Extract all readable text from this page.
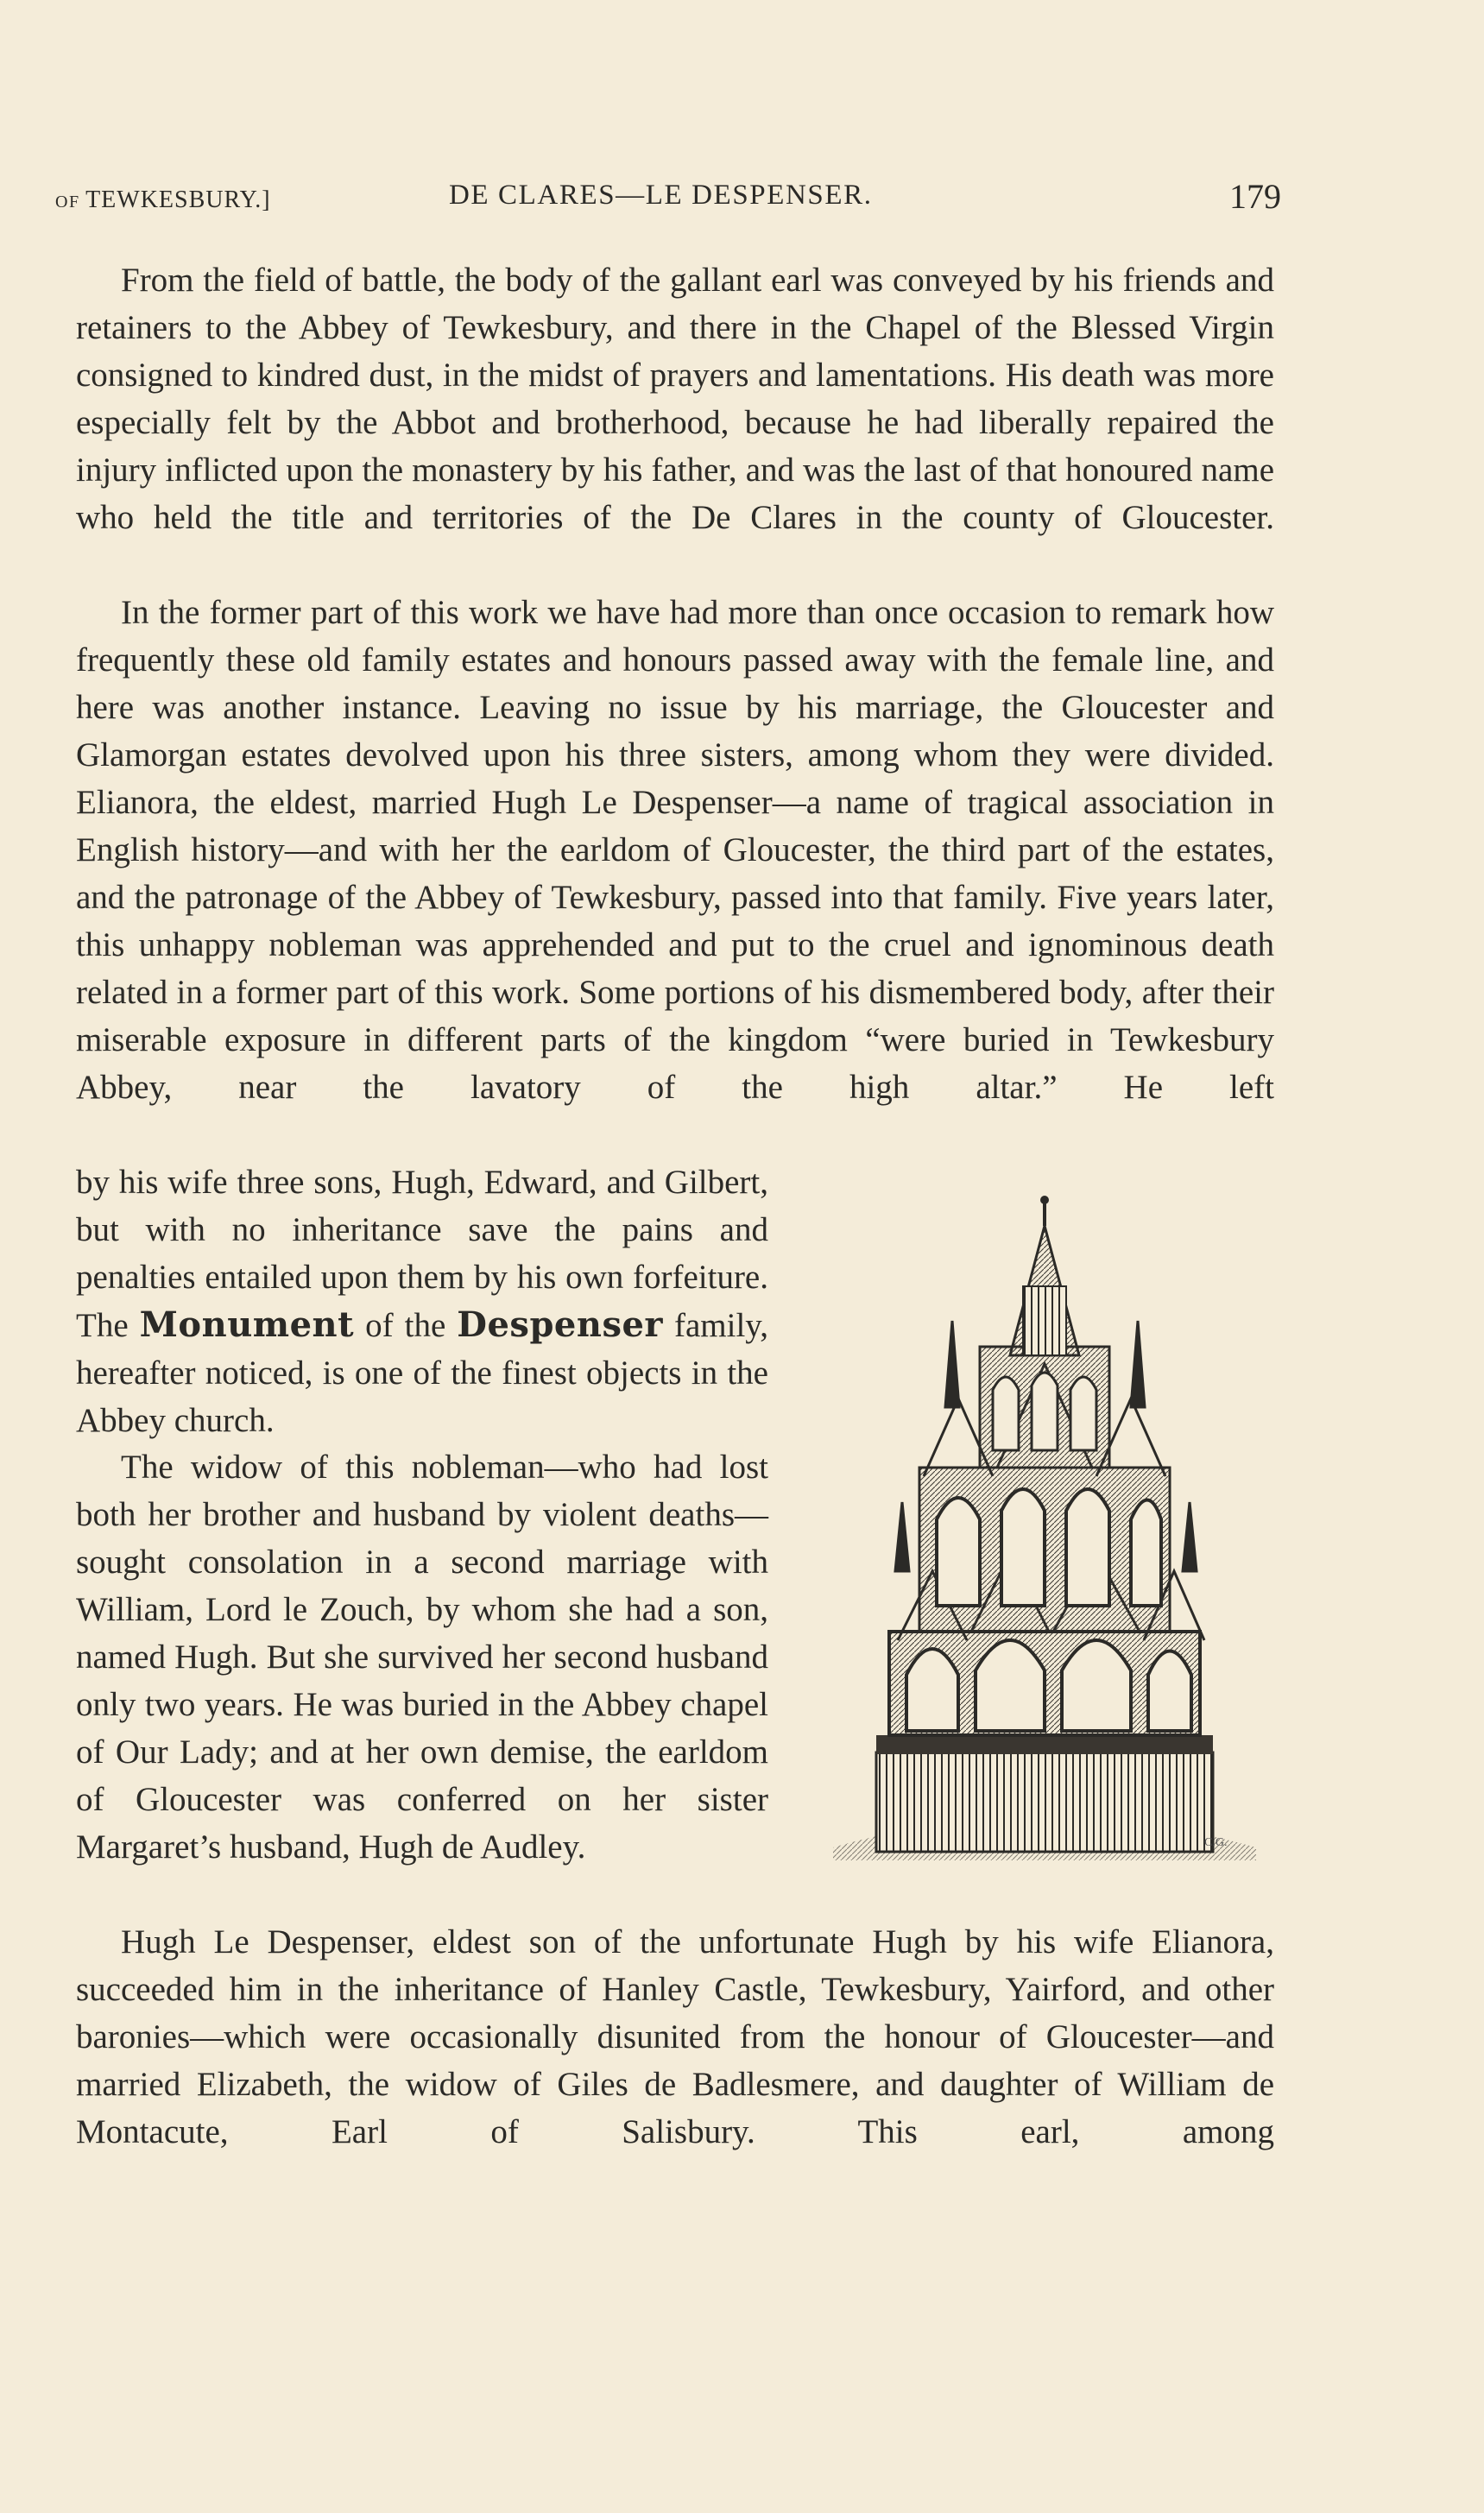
OF TEWKESBURY.]	DE CLARES—LE DESPENSER.	179

From the field of battle, the body of the gallant earl was conveyed by his friends and retainers to the Abbey of Tewkesbury, and there in the Chapel of the Blessed Virgin consigned to kindred dust, in the midst of prayers and lamentations. His death was more especially felt by the Abbot and brotherhood, because he had liberally repaired the injury inflicted upon the monastery by his father, and was the last of that honoured name who held the title and territories of the De Clares in the county of Gloucester.

In the former part of this work we have had more than once occasion to remark how frequently these old family estates and honours passed away with the female line, and here was another instance. Leaving no issue by his marriage, the Gloucester and Glamorgan estates devolved upon his three sisters, among whom they were divided. Elianora, the eldest, married Hugh Le Despenser—a name of tragical association in English history—and with her the earldom of Gloucester, the third part of the estates, and the patronage of the Abbey of Tewkesbury, passed into that family. Five years later, this unhappy nobleman was apprehended and put to the cruel and ignominous death related in a former part of this work. Some portions of his dismembered body, after their miserable exposure in different parts of the kingdom “were buried in Tewkesbury Abbey, near the lavatory of the high altar.” He left

by his wife three sons, Hugh, Edward, and Gilbert, but with no inheritance save the pains and penalties entailed upon them by his own forfeiture. The Monument of the Despenser family, hereafter noticed, is one of the finest objects in the Abbey church.

The widow of this nobleman—who had lost both her brother and husband by violent deaths—sought consolation in a second marriage with William, Lord le Zouch, by whom she had a son, named Hugh. But she survived her second husband only two years. He was buried in the Abbey chapel of Our Lady; and at her own demise, the earldom of Gloucester was conferred on her sister Margaret’s husband, Hugh de Audley.

Hugh Le Despenser, eldest son of the unfortunate Hugh by his wife Elianora, succeeded him in the inheritance of Hanley Castle, Tewkesbury, Yairford, and other baronies—which were occasionally disunited from the honour of Gloucester—and married Elizabeth, the widow of Giles de Badlesmere, and daughter of William de Montacute, Earl of Salisbury. This earl, among

C.G.
